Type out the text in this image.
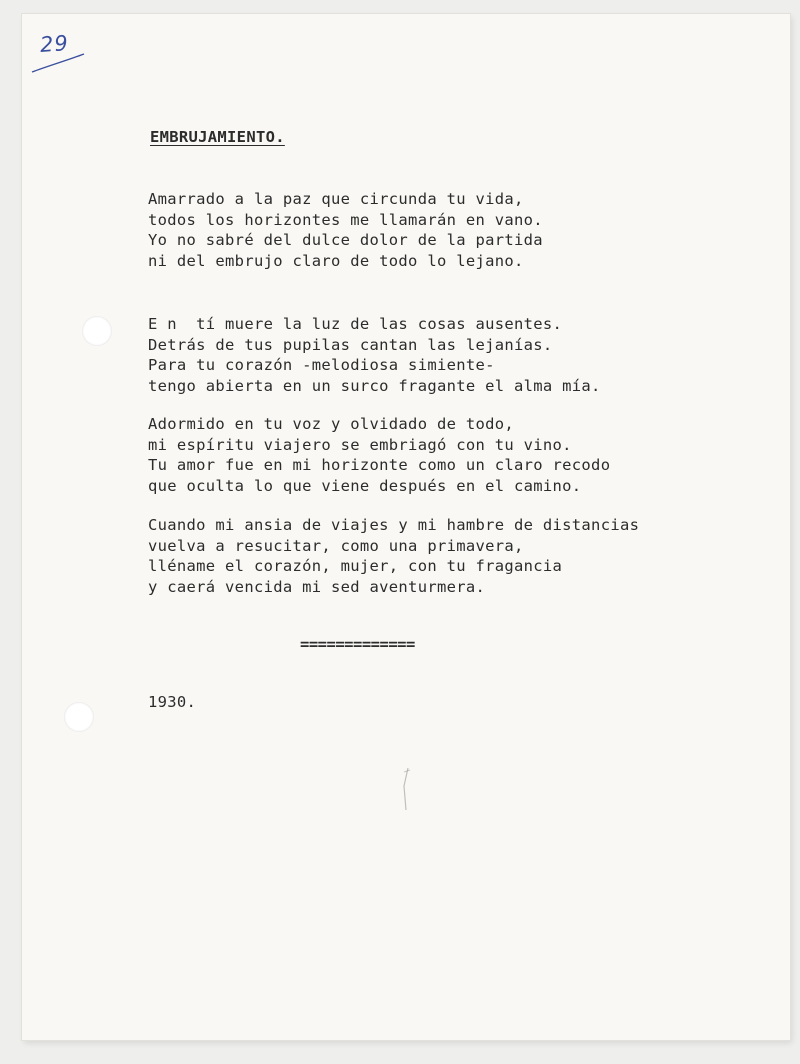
29
EMBRUJAMIENTO.
Amarrado a la paz que circunda tu vida,
todos los horizontes me llamarán en vano.
Yo no sabré del dulce dolor de la partida
ni del embrujo claro de todo lo lejano.
E n  tí muere la luz de las cosas ausentes.
Detrás de tus pupilas cantan las lejanías.
Para tu corazón -melodiosa simiente-
tengo abierta en un surco fragante el alma mía.
Adormido en tu voz y olvidado de todo,
mi espíritu viajero se embriagó con tu vino.
Tu amor fue en mi horizonte como un claro recodo
que oculta lo que viene después en el camino.
Cuando mi ansia de viajes y mi hambre de distancias
vuelva a resucitar, como una primavera,
lléname el corazón, mujer, con tu fragancia
y caerá vencida mi sed aventurmera.
=============
1930.
